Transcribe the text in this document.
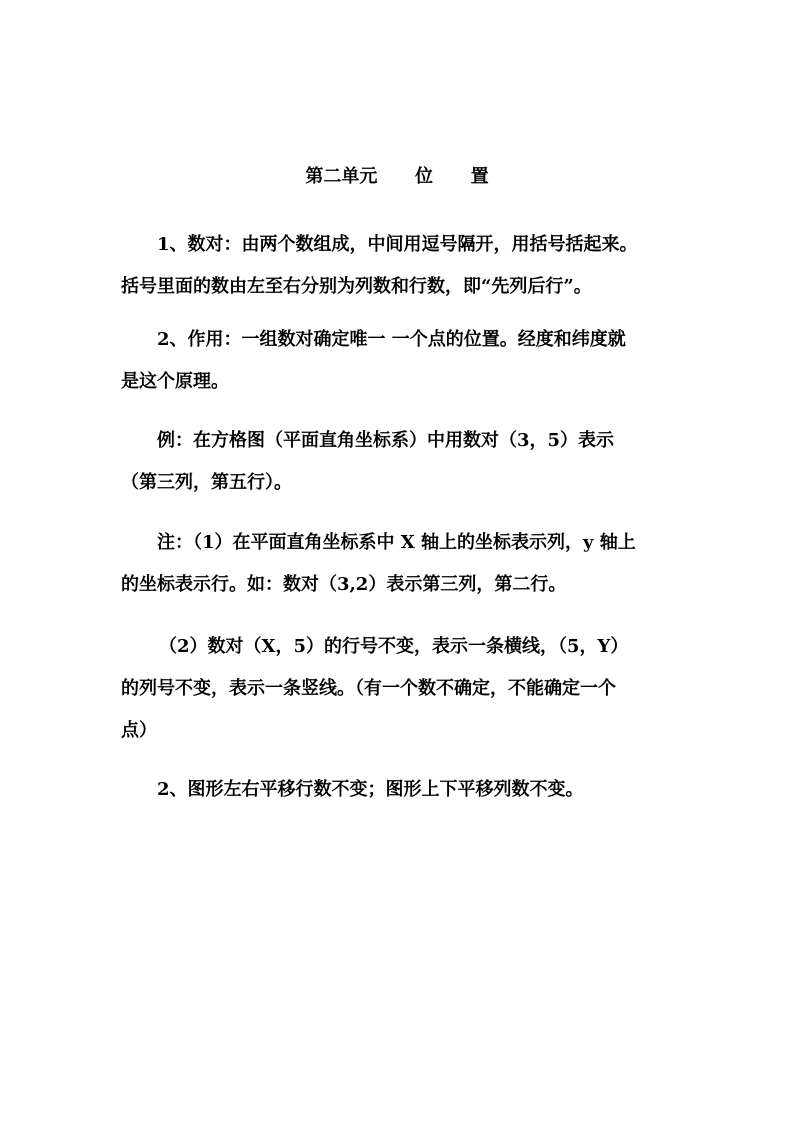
第二单元      位      置
1、数对：由两个数组成，中间用逗号隔开，用括号括起来。
括号里面的数由左至右分别为列数和行数，即“先列后行”。
2、作用：一组数对确定唯一 一个点的位置。经度和纬度就
是这个原理。
例：在方格图（平面直角坐标系）中用数对（3，5）表示
（第三列，第五行）。
注：（1）在平面直角坐标系中 X 轴上的坐标表示列，y 轴上
的坐标表示行。如：数对（3,2）表示第三列，第二行。
（2）数对（X，5）的行号不变，表示一条横线，（5，Y）
的列号不变，表示一条竖线。（有一个数不确定，不能确定一个
点）
2、图形左右平移行数不变；图形上下平移列数不变。
